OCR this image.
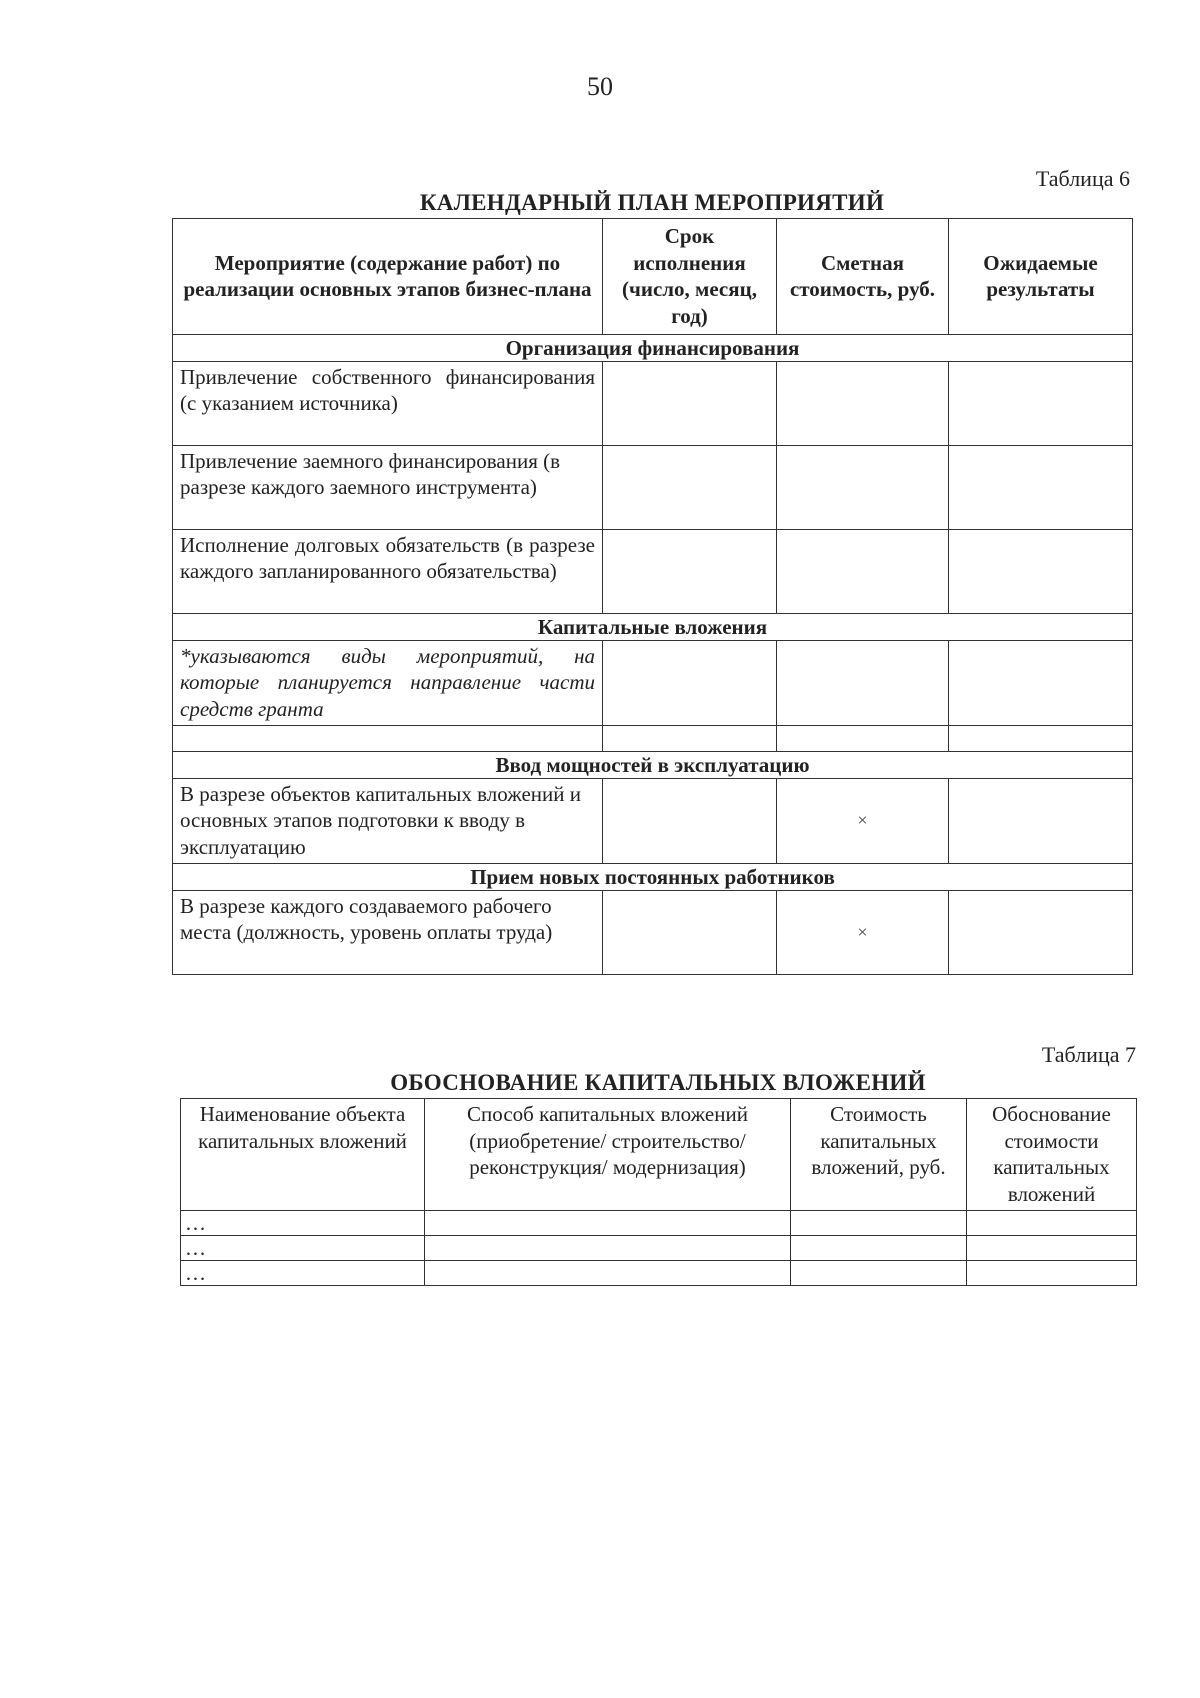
50
Таблица 6
КАЛЕНДАРНЫЙ ПЛАН МЕРОПРИЯТИЙ
Мероприятие (содержание работ) по реализации основных этапов бизнес-плана	Срок исполнения (число, месяц, год)	Сметная стоимость, руб.	Ожидаемые результаты
Организация финансирования			
Привлечение собственного финансирования (с указанием источника)			
Привлечение заемного финансирования (в разрезе каждого заемного инструмента)			
Исполнение долговых обязательств (в разрезе каждого запланированного обязательства)			
Капитальные вложения			
*указываются виды мероприятий, на которые планируется направление части средств гранта			

Ввод мощностей в эксплуатацию			
В разрезе объектов капитальных вложений и основных этапов подготовки к вводу в эксплуатацию		×	
Прием новых постоянных работников			
В разрезе каждого создаваемого рабочего места (должность, уровень оплаты труда)		×	
Таблица 7
ОБОСНОВАНИЕ КАПИТАЛЬНЫХ ВЛОЖЕНИЙ
Наименование объекта капитальных вложений	Способ капитальных вложений (приобретение/ строительство/реконструкция/ модернизация)	Стоимость капитальных вложений, руб.	Обоснование стоимости капитальных вложений
…			
…			
…			
